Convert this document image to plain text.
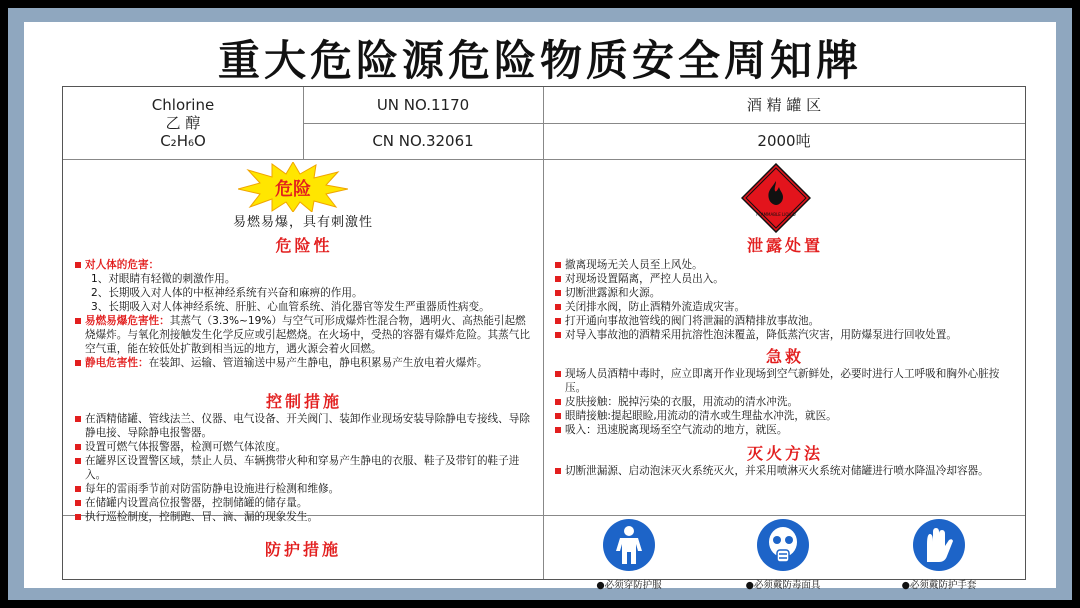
重大危险源危险物质安全周知牌
Chlorine
乙 醇
C₂H₆O
UN NO.1170
CN NO.32061
酒 精 罐 区
2000吨
危险
易燃易爆，具有刺激性
FLAMMABLE LIQUID
危险性
对人体的危害：
1、对眼睛有轻微的刺激作用。
2、长期吸入对人体的中枢神经系统有兴奋和麻痹的作用。
3、长期吸入对人体神经系统、肝脏、心血管系统、消化器官等发生严重器质性病变。
易燃易爆危害性：其蒸气（3.3%~19%）与空气可形成爆炸性混合物，遇明火、高热能引起燃烧爆炸。与氧化剂接触发生化学反应或引起燃烧。在火场中，受热的容器有爆炸危险。其蒸气比空气重，能在较低处扩散到相当远的地方，遇火源会着火回燃。
静电危害性：在装卸、运输、管道输送中易产生静电，静电积累易产生放电着火爆炸。
控制措施
在酒精储罐、管线法兰、仪器、电气设备、开关阀门、装卸作业现场安装导除静电专接线、导除静电接、导除静电报警器。
设置可燃气体报警器，检测可燃气体浓度。
在罐界区设置警区域，禁止人员、车辆携带火种和穿易产生静电的衣服、鞋子及带钉的鞋子进入。
每年的雷雨季节前对防雷防静电设施进行检测和维修。
在储罐内设置高位报警器，控制储罐的储存量。
执行巡检制度，控制跑、冒、滴、漏的现象发生。
泄露处置
撤离现场无关人员至上风处。
对现场设置隔离，严控人员出入。
切断泄露源和火源。
关闭排水阀，防止酒精外流造成灾害。
打开通向事故池管线的阀门将泄漏的酒精排放事故池。
对导入事故池的酒精采用抗溶性泡沫覆盖，降低蒸汽灾害，用防爆泵进行回收处置。
急救
现场人员酒精中毒时，应立即离开作业现场到空气新鲜处，必要时进行人工呼吸和胸外心脏按压。
皮肤接触：脱掉污染的衣服，用流动的清水冲洗。
眼睛接触:提起眼睑,用流动的清水或生理盐水冲洗，就医。
吸入：迅速脱离现场至空气流动的地方，就医。
灭火方法
切断泄漏源、启动泡沫灭火系统灭火，并采用喷淋灭火系统对储罐进行喷水降温冷却容器。
防护措施
●必须穿防护服	●必须戴防毒面具	●必须戴防护手套
